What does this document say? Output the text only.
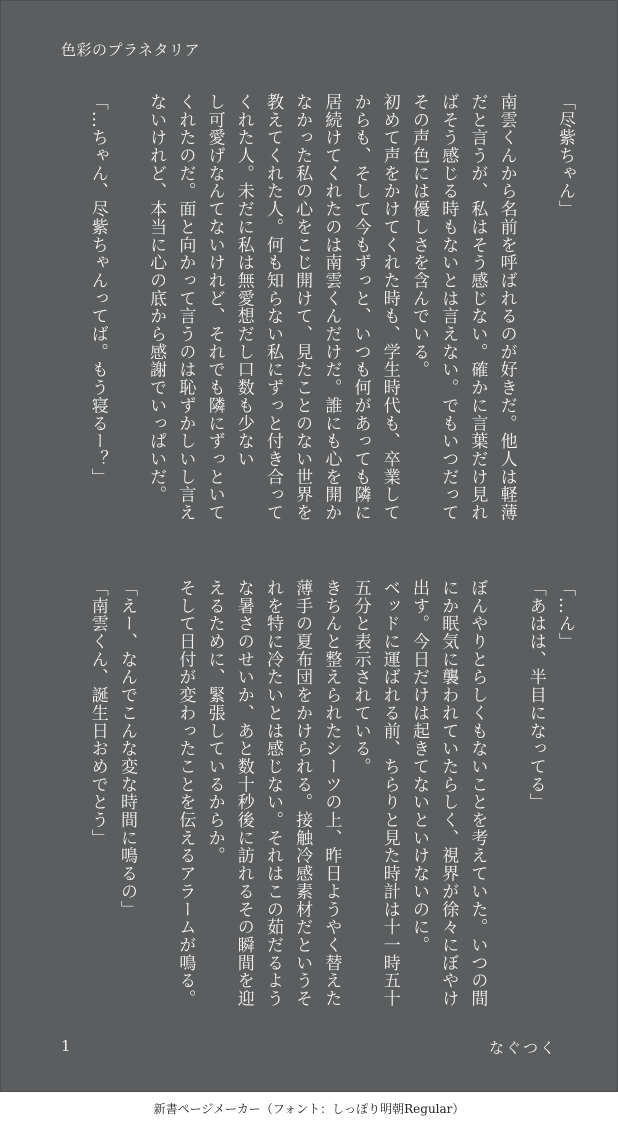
色彩のプラネタリア
「尽紫ちゃん」

南雲くんから名前を呼ばれるのが好きだ。他人は軽薄
だと言うが、私はそう感じない。確かに言葉だけ見れ
ばそう感じる時もないとは言えない。でもいつだって
その声色には優しさを含んでいる。
初めて声をかけてくれた時も、学生時代も、卒業して
からも、そして今もずっと、いつも何があっても隣に
居続けてくれたのは南雲くんだけだ。誰にも心を開か
なかった私の心をこじ開けて、見たことのない世界を
教えてくれた人。何も知らない私にずっと付き合って
くれた人。未だに私は無愛想だし口数も少ない
し可愛げなんてないけれど、それでも隣にずっといて
くれたのだ。面と向かって言うのは恥ずかしいし言え
ないけれど、本当に心の底から感謝でいっぱいだ。

「…ちゃん、尽紫ちゃんってば。もう寝るー？」
「…ん」
「あはは、半目になってる」

ぼんやりとらしくもないことを考えていた。いつの間
にか眠気に襲われていたらしく、視界が徐々にぼやけ
出す。今日だけは起きてないといけないのに。
ベッドに運ばれる前、ちらりと見た時計は十一時五十
五分と表示されている。
きちんと整えられたシーツの上、昨日ようやく替えた
薄手の夏布団をかけられる。接触冷感素材だというそ
れを特に冷たいとは感じない。それはこの茹だるよう
な暑さのせいか、あと数十秒後に訪れるその瞬間を迎
えるために、緊張しているからか。
そして日付が変わったことを伝えるアラームが鳴る。

「えー、なんでこんな変な時間に鳴るの」
「南雲くん、誕生日おめでとう」
1	なぐつく
新書ページメーカー（フォント：しっぽり明朝Regular）
